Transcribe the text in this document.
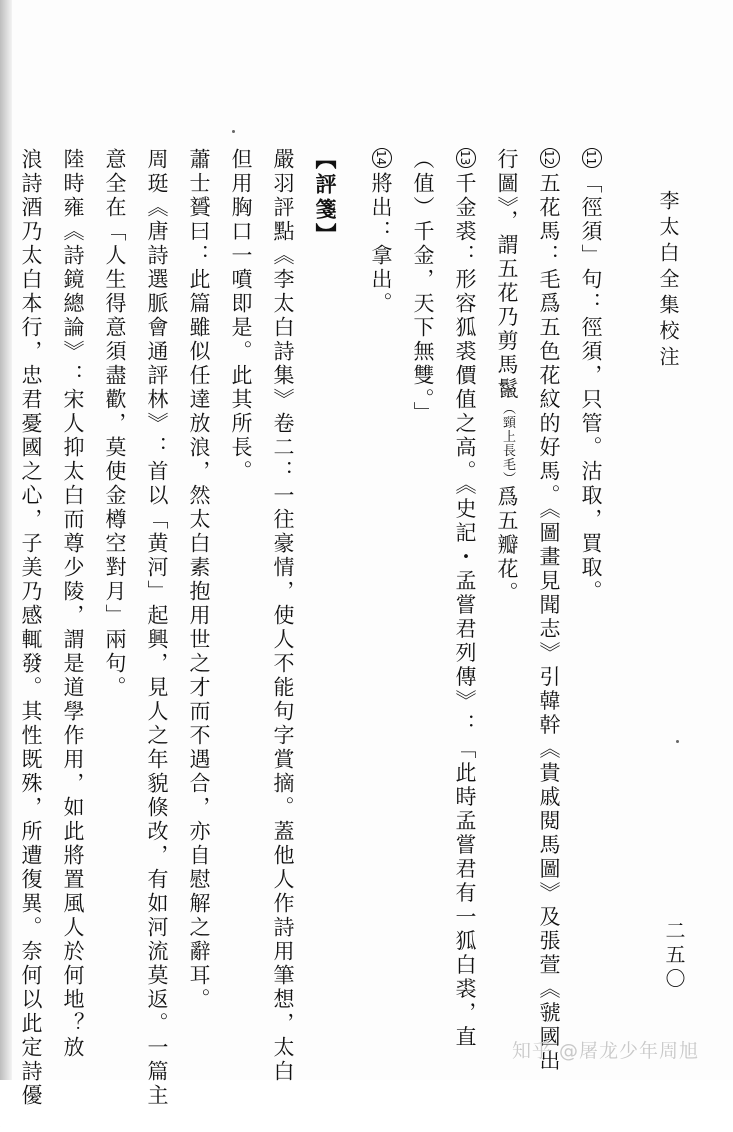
李太白全集校注
二五〇

11「徑須」句：徑須，只管。沽取，買取。

12五花馬：毛爲五色花紋的好馬。《圖畫見聞志》引韓幹《貴戚閱馬圖》及張萱《虢國出

行圖》，謂五花乃剪馬鬣（頸上長毛）爲五瓣花。

13千金裘：形容狐裘價值之高。《史記・孟嘗君列傳》：「此時孟嘗君有一狐白裘，直

（值）千金，天下無雙。」

14將出：拿出。

【評箋】

嚴羽評點《李太白詩集》卷二：一往豪情，使人不能句字賞摘。蓋他人作詩用筆想，太白

但用胸口一噴即是。此其所長。

蕭士贇曰：此篇雖似任達放浪，然太白素抱用世之才而不遇合，亦自慰解之辭耳。

周珽《唐詩選脈會通評林》：首以「黄河」起興，見人之年貌倏改，有如河流莫返。一篇主

意全在「人生得意須盡歡，莫使金樽空對月」兩句。

陸時雍《詩鏡總論》：宋人抑太白而尊少陵，謂是道學作用，如此將置風人於何地？放

浪詩酒乃太白本行，忠君憂國之心，子美乃感輒發。其性既殊，所遭復異。奈何以此定詩優	知乎 @屠龙少年周旭
